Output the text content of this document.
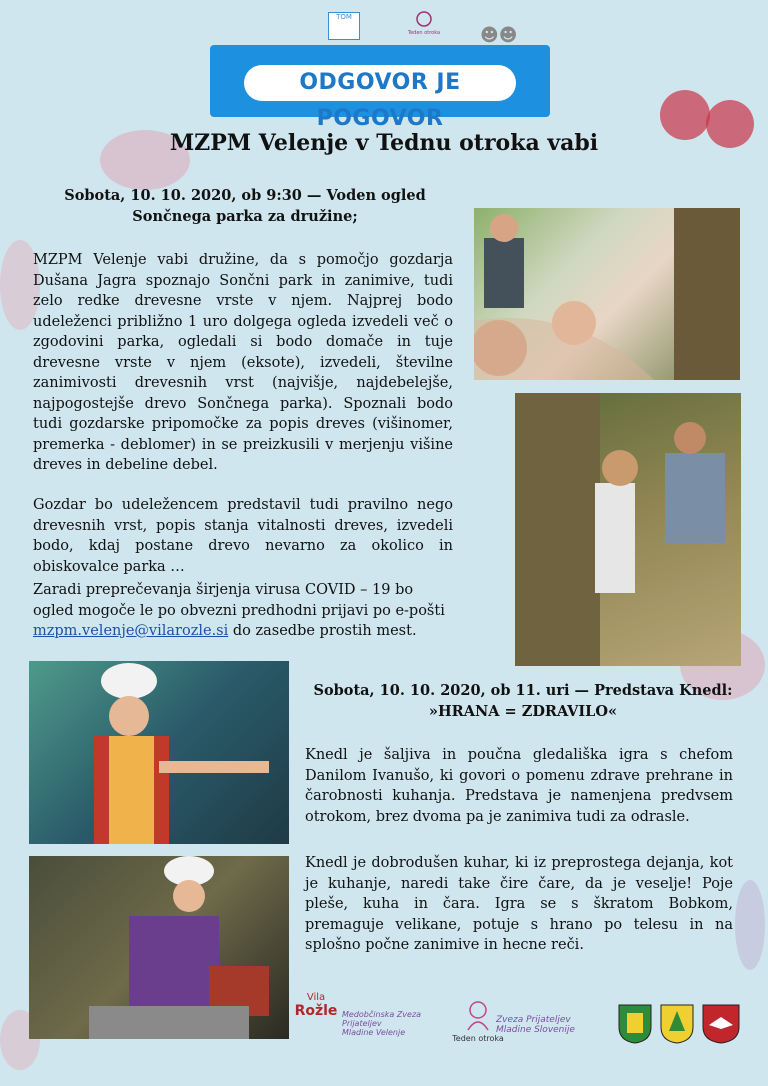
TOM
Teden otroka ☻☻
ODGOVOR JE POGOVOR
MZPM Velenje v Tednu otroka vabi
Sobota, 10. 10. 2020, ob 9:30 — Voden ogled
Sončnega parka za družine;

MZPM Velenje vabi družine, da s pomočjo gozdarja Dušana Jagra spoznajo Sončni park in zanimive, tudi zelo redke drevesne vrste v njem. Najprej bodo udeleženci približno 1 uro dolgega ogleda izvedeli več o zgodovini parka, ogledali si bodo domače in tuje drevesne vrste v njem (eksote), izvedeli, številne zanimivosti drevesnih vrst (najvišje, najdebelejše, najpogostejše drevo Sončnega parka). Spoznali bodo tudi gozdarske pripomočke za popis dreves (višinomer, premerka - deblomer) in se preizkusili v merjenju višine dreves in debeline debel.

Gozdar bo udeležencem predstavil tudi pravilno nego drevesnih vrst, popis stanja vitalnosti dreves, izvedeli bodo, kdaj postane drevo nevarno za okolico in obiskovalce parka …

Zaradi preprečevanja širjenja virusa COVID – 19 bo ogled mogoče le po obvezni predhodni prijavi po e-pošti mzpm.velenje@vilarozle.si do zasedbe prostih mest.

Sobota, 10. 10. 2020, ob 11. uri — Predstava Knedl:
»HRANA = ZDRAVILO«

Knedl je šaljiva in poučna gledališka igra s chefom Danilom Ivanušo, ki govori o pomenu zdrave prehrane in čarobnosti kuhanja. Predstava je namenjena predvsem otrokom, brez dvoma pa je zanimiva tudi za odrasle.

Knedl je dobrodušen kuhar, ki iz preprostega dejanja, kot je kuhanje, naredi take čire čare, da je veselje! Poje pleše, kuha in čara. Igra se s škratom Bobkom, premaguje velikane, potuje s hrano po telesu in na splošno počne zanimive in hecne reči.

Vila
Rožle Medobčinska Zveza
Prijateljev
Mladine Velenje
Teden otroka
Zveza Prijateljev
Mladine Slovenije
